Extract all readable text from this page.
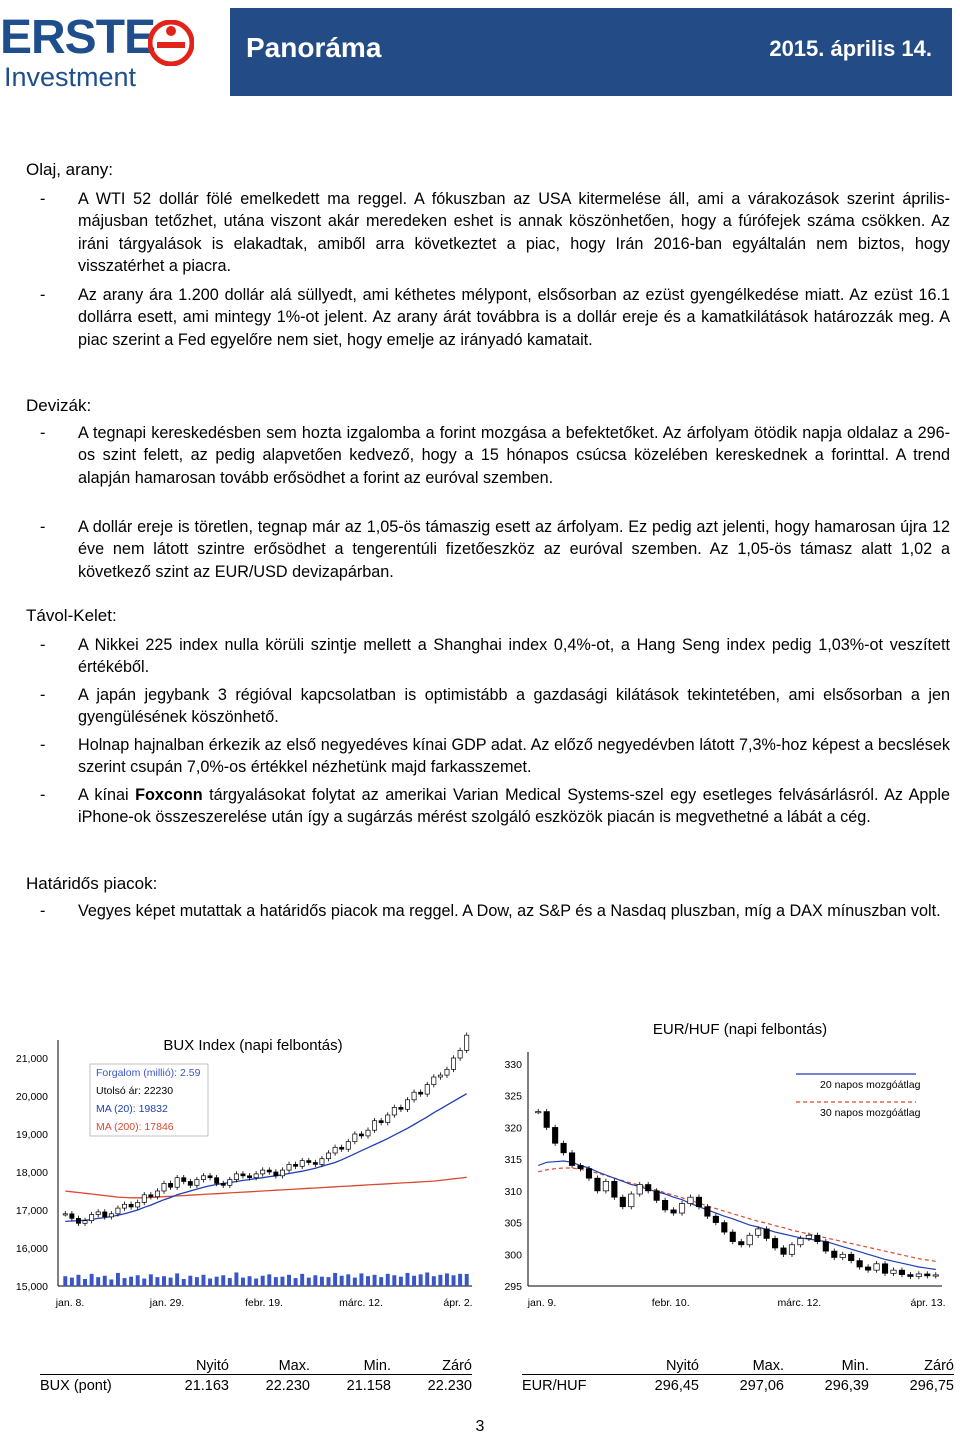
ERSTE
Investment
Panoráma	2015. április 14.
Olaj, arany:
- A WTI 52 dollár fölé emelkedett ma reggel. A fókuszban az USA kitermelése áll, ami a várakozások szerint április-májusban tetőzhet, utána viszont akár meredeken eshet is annak köszönhetően, hogy a fúrófejek száma csökken. Az iráni tárgyalások is elakadtak, amiből arra következtet a piac, hogy Irán 2016-ban egyáltalán nem biztos, hogy visszatérhet a piacra.
- Az arany ára 1.200 dollár alá süllyedt, ami kéthetes mélypont, elsősorban az ezüst gyengélkedése miatt. Az ezüst 16.1 dollárra esett, ami mintegy 1%-ot jelent. Az arany árát továbbra is a dollár ereje és a kamatkilátások határozzák meg. A piac szerint a Fed egyelőre nem siet, hogy emelje az irányadó kamatait.
Devizák:
- A tegnapi kereskedésben sem hozta izgalomba a forint mozgása a befektetőket. Az árfolyam ötödik napja oldalaz a 296-os szint felett, az pedig alapvetően kedvező, hogy a 15 hónapos csúcsa közelében kereskednek a forinttal. A trend alapján hamarosan tovább erősödhet a forint az euróval szemben.
- A dollár ereje is töretlen, tegnap már az 1,05-ös támaszig esett az árfolyam. Ez pedig azt jelenti, hogy hamarosan újra 12 éve nem látott szintre erősödhet a tengerentúli fizetőeszköz az euróval szemben. Az 1,05-ös támasz alatt 1,02 a következő szint az EUR/USD devizapárban.
Távol-Kelet:
- A Nikkei 225 index nulla körüli szintje mellett a Shanghai index 0,4%-ot, a Hang Seng index pedig 1,03%-ot veszített értékéből.
- A japán jegybank 3 régióval kapcsolatban is optimistább a gazdasági kilátások tekintetében, ami elsősorban a jen gyengülésének köszönhető.
- Holnap hajnalban érkezik az első negyedéves kínai GDP adat. Az előző negyedévben látott 7,3%-hoz képest a becslések szerint csupán 7,0%-os értékkel nézhetünk majd farkasszemet.
- A kínai Foxconn tárgyalásokat folytat az amerikai Varian Medical Systems-szel egy esetleges felvásárlásról. Az Apple iPhone-ok összeszerelése után így a sugárzás mérést szolgáló eszközök piacán is megvethetné a lábát a cég.
Határidős piacok:
- Vegyes képet mutattak a határidős piacok ma reggel. A Dow, az S&P és a Nasdaq pluszban, míg a DAX mínuszban volt.
BUX Index (napi felbontás)
21,000
20,000
19,000
18,000
17,000
16,000
15,000
jan. 8.	jan. 29.	febr. 19.	márc. 12.	ápr. 2.
Forgalom (millió): 2.59
Utolsó ár: 22230
MA (20): 19832
MA (200): 17846
EUR/HUF (napi felbontás)
330
325
320
315
310
305
300
295
jan. 9.	febr. 10.	márc. 12.	ápr. 13.
20 napos mozgóátlag
30 napos mozgóátlag
	Nyitó	Max.	Min.	Záró
BUX (pont)	21.163	22.230	21.158	22.230
	Nyitó	Max.	Min.	Záró
EUR/HUF	296,45	297,06	296,39	296,75
3
